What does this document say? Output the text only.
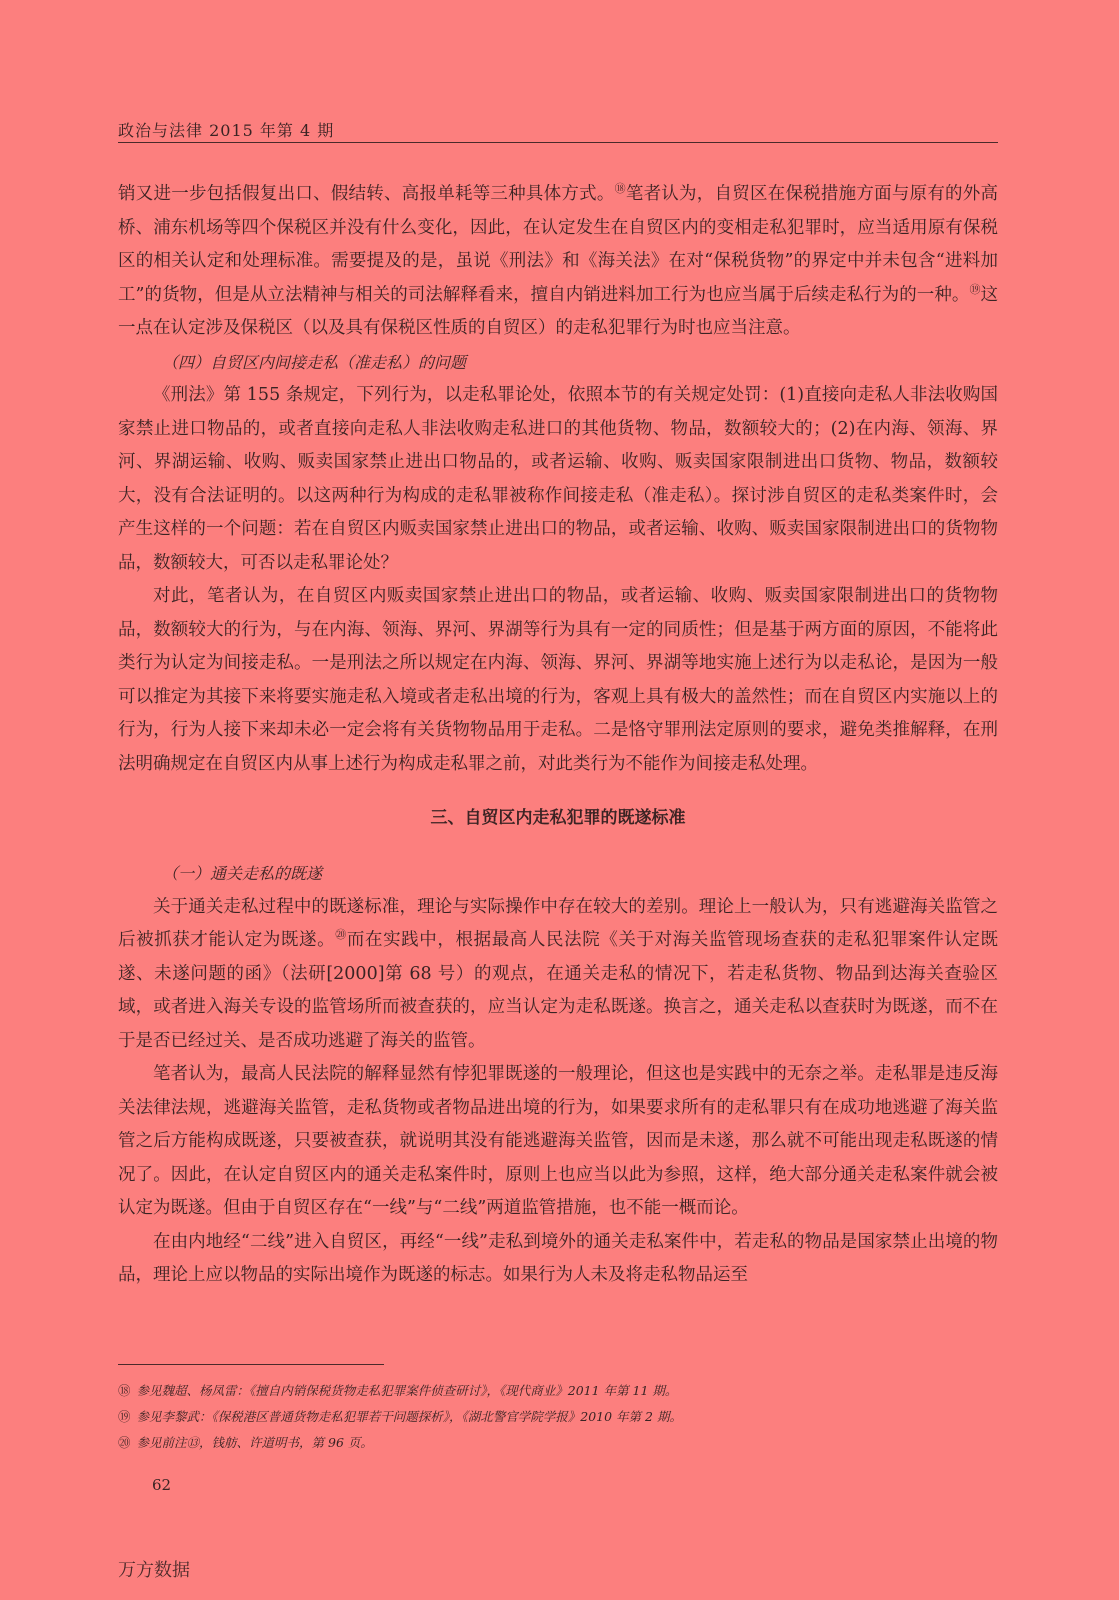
政治与法律 2015 年第 4 期

销又进一步包括假复出口、假结转、高报单耗等三种具体方式。⑱笔者认为，自贸区在保税措施方面与原有的外高桥、浦东机场等四个保税区并没有什么变化，因此，在认定发生在自贸区内的变相走私犯罪时，应当适用原有保税区的相关认定和处理标准。需要提及的是，虽说《刑法》和《海关法》在对“保税货物”的界定中并未包含“进料加工”的货物，但是从立法精神与相关的司法解释看来，擅自内销进料加工行为也应当属于后续走私行为的一种。⑲这一点在认定涉及保税区（以及具有保税区性质的自贸区）的走私犯罪行为时也应当注意。

（四）自贸区内间接走私（准走私）的问题

《刑法》第 155 条规定，下列行为，以走私罪论处，依照本节的有关规定处罚：(1)直接向走私人非法收购国家禁止进口物品的，或者直接向走私人非法收购走私进口的其他货物、物品，数额较大的；(2)在内海、领海、界河、界湖运输、收购、贩卖国家禁止进出口物品的，或者运输、收购、贩卖国家限制进出口货物、物品，数额较大，没有合法证明的。以这两种行为构成的走私罪被称作间接走私（准走私）。探讨涉自贸区的走私类案件时，会产生这样的一个问题：若在自贸区内贩卖国家禁止进出口的物品，或者运输、收购、贩卖国家限制进出口的货物物品，数额较大，可否以走私罪论处？

对此，笔者认为，在自贸区内贩卖国家禁止进出口的物品，或者运输、收购、贩卖国家限制进出口的货物物品，数额较大的行为，与在内海、领海、界河、界湖等行为具有一定的同质性；但是基于两方面的原因，不能将此类行为认定为间接走私。一是刑法之所以规定在内海、领海、界河、界湖等地实施上述行为以走私论，是因为一般可以推定为其接下来将要实施走私入境或者走私出境的行为，客观上具有极大的盖然性；而在自贸区内实施以上的行为，行为人接下来却未必一定会将有关货物物品用于走私。二是恪守罪刑法定原则的要求，避免类推解释，在刑法明确规定在自贸区内从事上述行为构成走私罪之前，对此类行为不能作为间接走私处理。

三、自贸区内走私犯罪的既遂标准

（一）通关走私的既遂

关于通关走私过程中的既遂标准，理论与实际操作中存在较大的差别。理论上一般认为，只有逃避海关监管之后被抓获才能认定为既遂。⑳而在实践中，根据最高人民法院《关于对海关监管现场查获的走私犯罪案件认定既遂、未遂问题的函》（法研[2000]第 68 号）的观点，在通关走私的情况下，若走私货物、物品到达海关查验区域，或者进入海关专设的监管场所而被查获的，应当认定为走私既遂。换言之，通关走私以查获时为既遂，而不在于是否已经过关、是否成功逃避了海关的监管。

笔者认为，最高人民法院的解释显然有悖犯罪既遂的一般理论，但这也是实践中的无奈之举。走私罪是违反海关法律法规，逃避海关监管，走私货物或者物品进出境的行为，如果要求所有的走私罪只有在成功地逃避了海关监管之后方能构成既遂，只要被查获，就说明其没有能逃避海关监管，因而是未遂，那么就不可能出现走私既遂的情况了。因此，在认定自贸区内的通关走私案件时，原则上也应当以此为参照，这样，绝大部分通关走私案件就会被认定为既遂。但由于自贸区存在“一线”与“二线”两道监管措施，也不能一概而论。

在由内地经“二线”进入自贸区，再经“一线”走私到境外的通关走私案件中，若走私的物品是国家禁止出境的物品，理论上应以物品的实际出境作为既遂的标志。如果行为人未及将走私物品运至

⑱ 参见魏超、杨凤雷：《擅自内销保税货物走私犯罪案件侦查研讨》，《现代商业》2011 年第 11 期。

⑲ 参见李黎武：《保税港区普通货物走私犯罪若干问题探析》，《湖北警官学院学报》2010 年第 2 期。

⑳ 参见前注⑬，钱舫、许道明书，第 96 页。

62
万方数据
